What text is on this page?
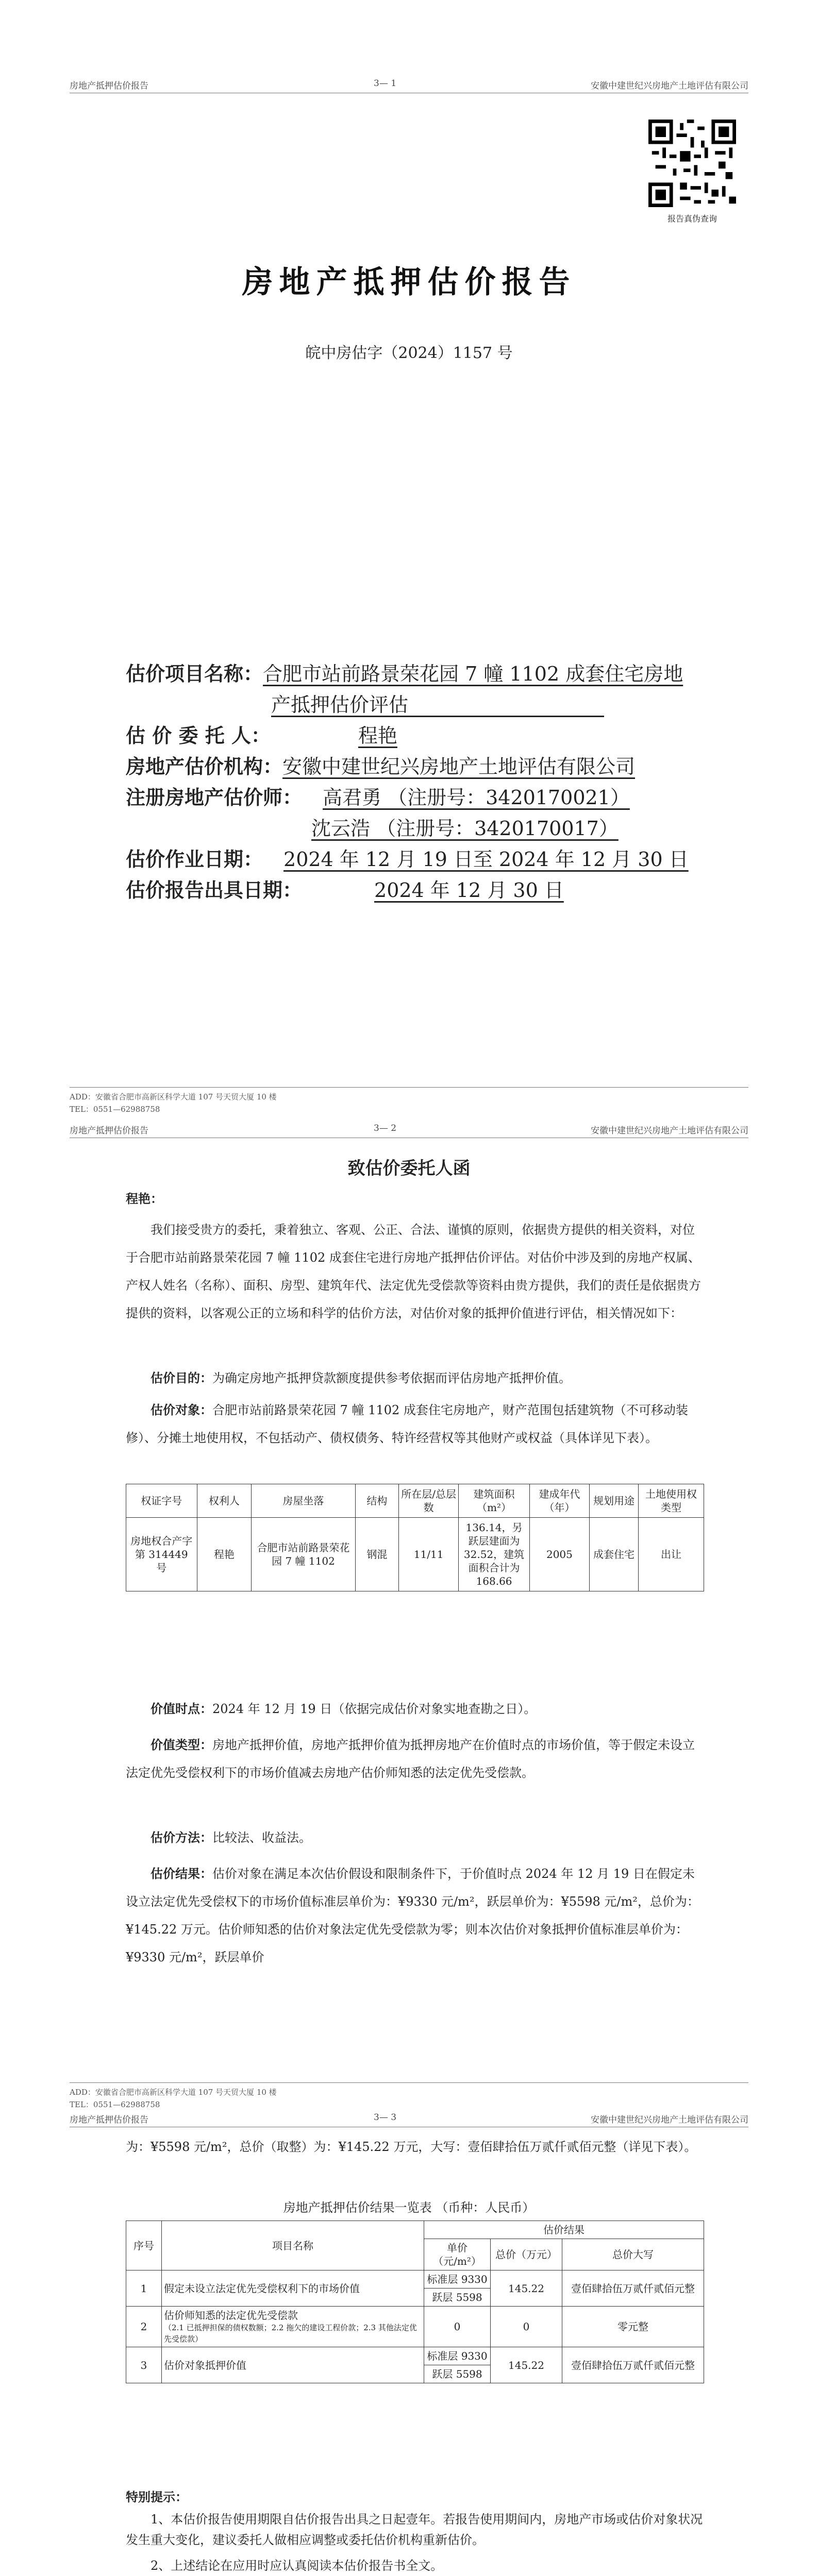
房地产抵押估价报告	3— 1	安徽中建世纪兴房地产土地评估有限公司
报告真伪查询
房地产抵押估价报告
皖中房估字（2024）1157 号
估价项目名称：合肥市站前路景荣花园 7 幢 1102 成套住宅房地
产抵押估价评估          
估 价 委 托 人：	程艳
房地产估价机构：安徽中建世纪兴房地产土地评估有限公司
注册房地产估价师： 高君勇 （注册号：3420170021）
沈云浩 （注册号：3420170017）
估价作业日期： 2024 年 12 月 19 日至 2024 年 12 月 30 日
估价报告出具日期：	2024 年 12 月 30 日
ADD：安徽省合肥市高新区科学大道 107 号天贸大厦 10 楼
TEL：0551—62988758
房地产抵押估价报告	3— 2	安徽中建世纪兴房地产土地评估有限公司
致估价委托人函
程艳：
我们接受贵方的委托，秉着独立、客观、公正、合法、谨慎的原则，依据贵方提供的相关资料，对位于合肥市站前路景荣花园 7 幢 1102 成套住宅进行房地产抵押估价评估。对估价中涉及到的房地产权属、产权人姓名（名称）、面积、房型、建筑年代、法定优先受偿款等资料由贵方提供，我们的责任是依据贵方提供的资料，以客观公正的立场和科学的估价方法，对估价对象的抵押价值进行评估，相关情况如下：
估价目的：为确定房地产抵押贷款额度提供参考依据而评估房地产抵押价值。
估价对象：合肥市站前路景荣花园 7 幢 1102 成套住宅房地产，财产范围包括建筑物（不可移动装修）、分摊土地使用权，不包括动产、债权债务、特许经营权等其他财产或权益（具体详见下表）。
权证字号	权利人	房屋坐落	结构	所在层/总层数	建筑面积（m²）	建成年代（年）	规划用途	土地使用权类型
房地权合产字第 314449 号	程艳	合肥市站前路景荣花园 7 幢 1102	钢混	11/11	136.14，另跃层建面为 32.52，建筑面积合计为 168.66	2005	成套住宅	出让
价值时点：2024 年 12 月 19 日（依据完成估价对象实地查勘之日）。
价值类型：房地产抵押价值，房地产抵押价值为抵押房地产在价值时点的市场价值，等于假定未设立法定优先受偿权利下的市场价值减去房地产估价师知悉的法定优先受偿款。
估价方法：比较法、收益法。
估价结果：估价对象在满足本次估价假设和限制条件下，于价值时点 2024 年 12 月 19 日在假定未设立法定优先受偿权下的市场价值标准层单价为：¥9330 元/m²，跃层单价为：¥5598 元/m²，总价为：¥145.22 万元。估价师知悉的估价对象法定优先受偿款为零；则本次估价对象抵押价值标准层单价为：¥9330 元/m²，跃层单价
ADD：安徽省合肥市高新区科学大道 107 号天贸大厦 10 楼
TEL：0551—62988758
房地产抵押估价报告	3— 3	安徽中建世纪兴房地产土地评估有限公司
为：¥5598 元/m²，总价（取整）为：¥145.22 万元，大写：壹佰肆拾伍万贰仟贰佰元整（详见下表）。
房地产抵押估价结果一览表 （币种：人民币）
序号	项目名称	估价结果		
		单价（元/m²）	总价（万元）	总价大写
1	假定未设立法定优先受偿权利下的市场价值	标准层 9330	145.22	壹佰肆拾伍万贰仟贰佰元整
		跃层 5598		
2	估价师知悉的法定优先受偿款
（2.1 已抵押担保的债权数额；2.2 拖欠的建设工程价款；2.3 其他法定优先受偿款）	0	0	零元整
3	估价对象抵押价值	标准层 9330	145.22	壹佰肆拾伍万贰仟贰佰元整
		跃层 5598		
特别提示：
1、本估价报告使用期限自估价报告出具之日起壹年。若报告使用期间内，房地产市场或估价对象状况发生重大变化，建议委托人做相应调整或委托估价机构重新估价。
2、上述结论在应用时应认真阅读本估价报告书全文。
